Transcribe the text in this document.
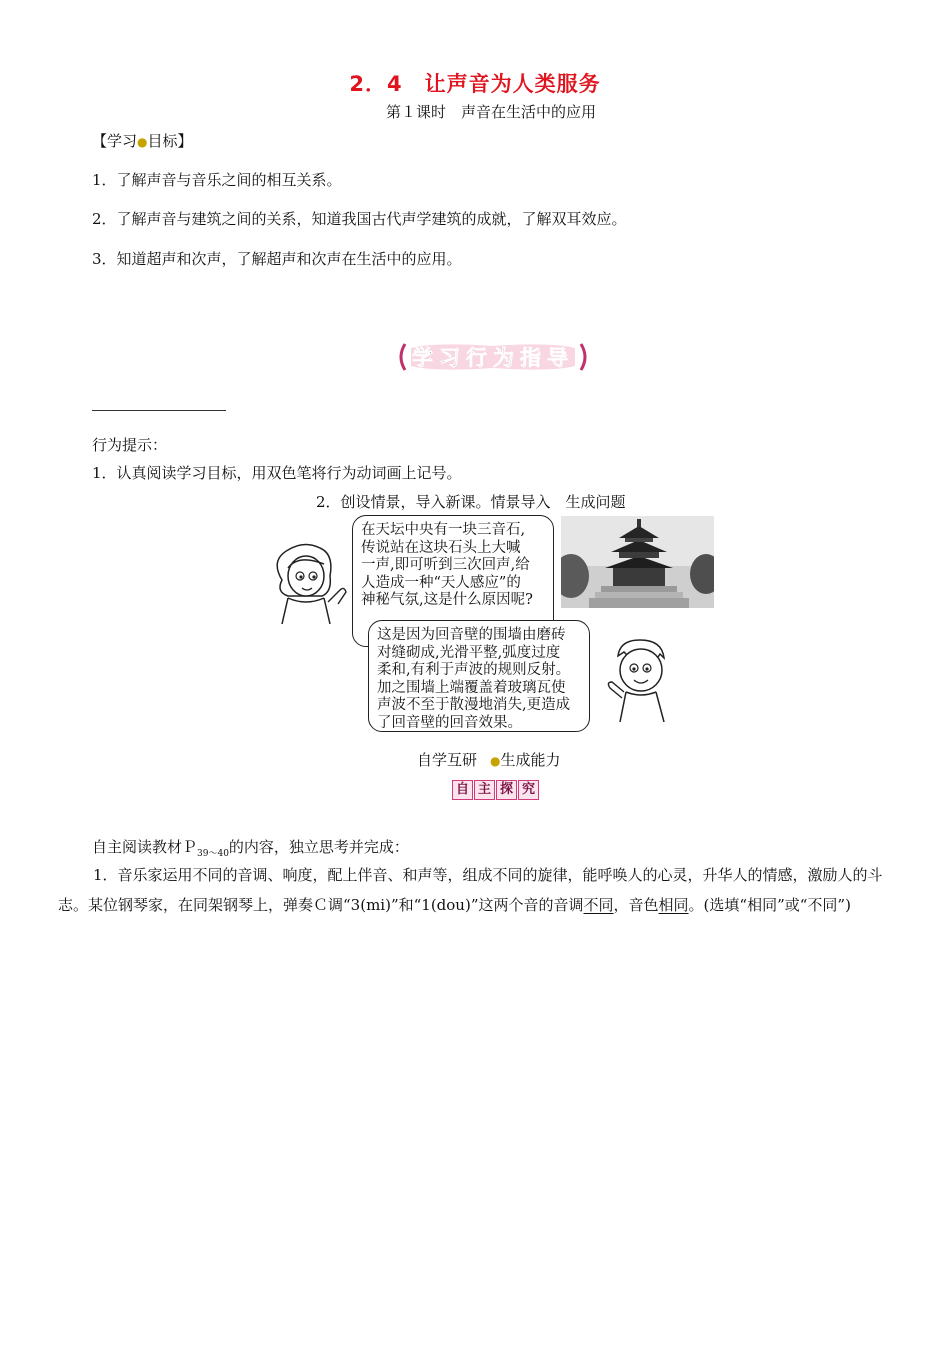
2．4　让声音为人类服务
第１课时　声音在生活中的应用
【学习●目标】
1．了解声音与音乐之间的相互关系。
2．了解声音与建筑之间的关系，知道我国古代声学建筑的成就，了解双耳效应。
3．知道超声和次声，了解超声和次声在生活中的应用。
学习行为指导
行为提示：
1．认真阅读学习目标，用双色笔将行为动词画上记号。
2．创设情景，导入新课。情景导入　生成问题
在天坛中央有一块三音石,
传说站在这块石头上大喊
一声,即可听到三次回声,给
人造成一种“天人感应”的
神秘气氛,这是什么原因呢?
这是因为回音壁的围墙由磨砖
对缝砌成,光滑平整,弧度过度
柔和,有利于声波的规则反射。
加之围墙上端覆盖着玻璃瓦使
声波不至于散漫地消失,更造成
了回音壁的回音效果。
自学互研 ●生成能力
自 主 探 究
自主阅读教材Ｐ$_{39\sim 40}$的内容，独立思考并完成：
1．音乐家运用不同的音调、响度，配上伴音、和声等，组成不同的旋律，能呼唤人的心灵，升华人的情感，激励人的斗志。某位钢琴家，在同架钢琴上，弹奏Ｃ调“3(mi)”和“1(dou)”这两个音的音调不同，音色相同。(选填“相同”或“不同”)
